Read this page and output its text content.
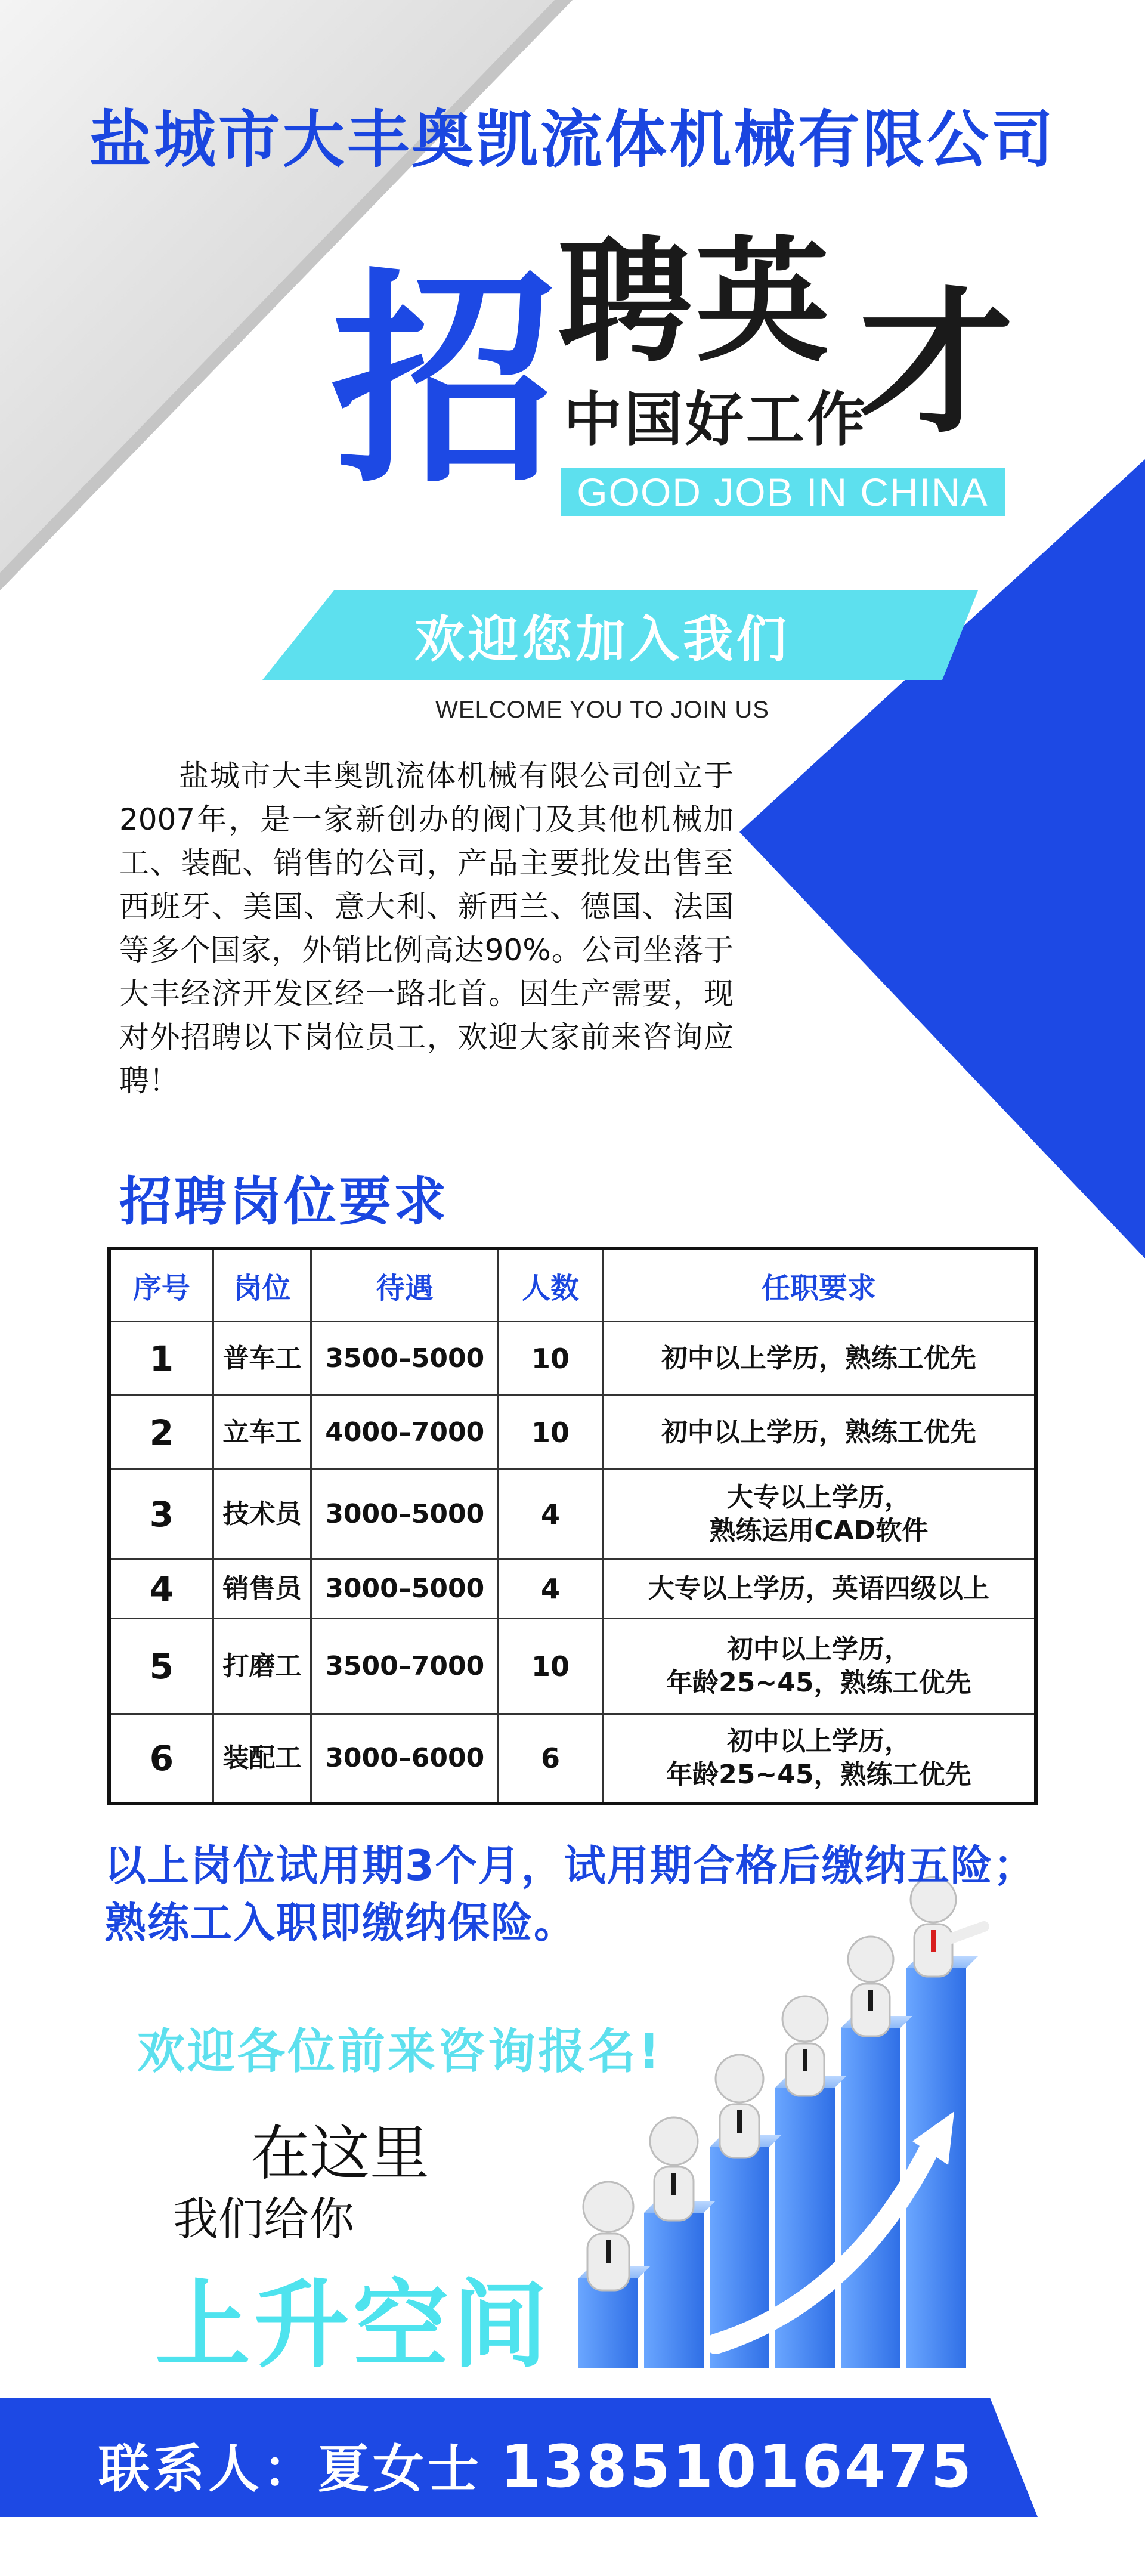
盐城市大丰奥凯流体机械有限公司
招 聘英 才
中国好工作
GOOD JOB IN CHINA
欢迎您加入我们
WELCOME YOU TO JOIN US
盐城市大丰奥凯流体机械有限公司创立于2007年，是一家新创办的阀门及其他机械加工、装配、销售的公司，产品主要批发出售至西班牙、美国、意大利、新西兰、德国、法国等多个国家，外销比例高达90%。公司坐落于大丰经济开发区经一路北首。因生产需要，现对外招聘以下岗位员工，欢迎大家前来咨询应聘！
招聘岗位要求
序号	岗位	待遇	人数	任职要求
1	普车工	3500–5000	10	初中以上学历，熟练工优先
2	立车工	4000–7000	10	初中以上学历，熟练工优先
3	技术员	3000–5000	4	大专以上学历，
熟练运用CAD软件
4	销售员	3000–5000	4	大专以上学历，英语四级以上
5	打磨工	3500–7000	10	初中以上学历，
年龄25~45，熟练工优先
6	装配工	3000–6000	6	初中以上学历，
年龄25~45，熟练工优先
以上岗位试用期3个月，试用期合格后缴纳五险；
熟练工入职即缴纳保险。
欢迎各位前来咨询报名!
在这里
我们给你
上升空间
联系人：夏女士 13851016475
